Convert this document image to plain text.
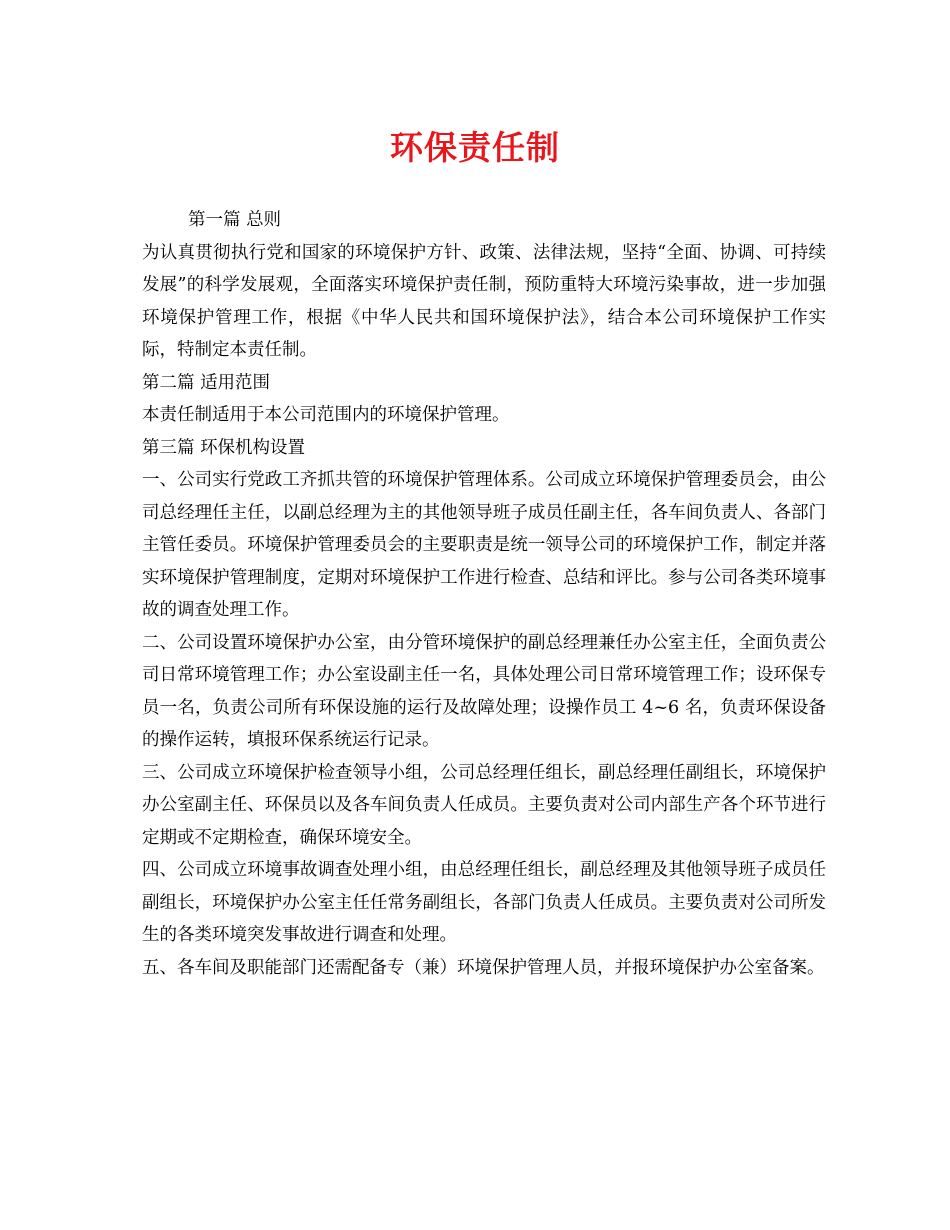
环保责任制

第一篇 总则

为认真贯彻执行党和国家的环境保护方针、政策、法律法规，坚持“全面、协调、可持续发展”的科学发展观，全面落实环境保护责任制，预防重特大环境污染事故，进一步加强环境保护管理工作，根据《中华人民共和国环境保护法》，结合本公司环境保护工作实际，特制定本责任制。

第二篇 适用范围

本责任制适用于本公司范围内的环境保护管理。

第三篇 环保机构设置

一、公司实行党政工齐抓共管的环境保护管理体系。公司成立环境保护管理委员会，由公司总经理任主任，以副总经理为主的其他领导班子成员任副主任，各车间负责人、各部门主管任委员。环境保护管理委员会的主要职责是统一领导公司的环境保护工作，制定并落实环境保护管理制度，定期对环境保护工作进行检查、总结和评比。参与公司各类环境事故的调查处理工作。

二、公司设置环境保护办公室，由分管环境保护的副总经理兼任办公室主任，全面负责公司日常环境管理工作；办公室设副主任一名，具体处理公司日常环境管理工作；设环保专员一名，负责公司所有环保设施的运行及故障处理；设操作员工 4~6 名，负责环保设备的操作运转，填报环保系统运行记录。

三、公司成立环境保护检查领导小组，公司总经理任组长，副总经理任副组长，环境保护办公室副主任、环保员以及各车间负责人任成员。主要负责对公司内部生产各个环节进行定期或不定期检查，确保环境安全。

四、公司成立环境事故调查处理小组，由总经理任组长，副总经理及其他领导班子成员任副组长，环境保护办公室主任任常务副组长，各部门负责人任成员。主要负责对公司所发生的各类环境突发事故进行调查和处理。

五、各车间及职能部门还需配备专（兼）环境保护管理人员，并报环境保护办公室备案。
